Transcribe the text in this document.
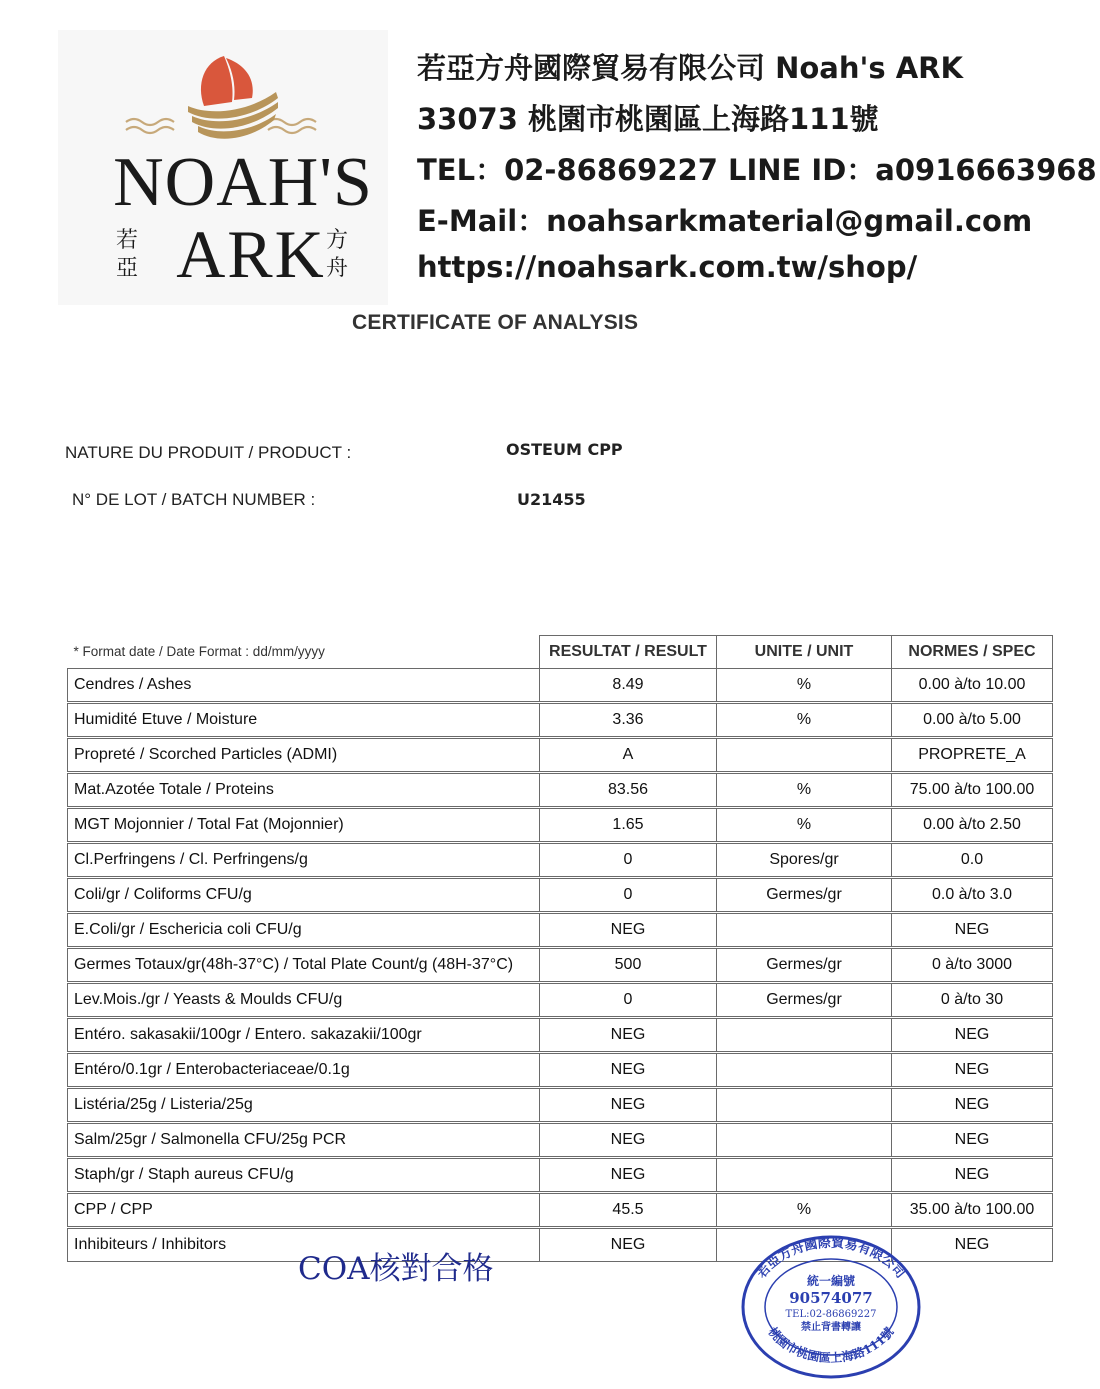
NOAH'S
ARK
若
亞
方
舟
若亞方舟國際貿易有限公司 Noah's ARK
33073 桃園市桃園區上海路111號
TEL：02-86869227 LINE ID：a0916663968
E-Mail：noahsarkmaterial@gmail.com
https://noahsark.com.tw/shop/
CERTIFICATE OF ANALYSIS
NATURE DU PRODUIT / PRODUCT :	OSTEUM CPP
N° DE LOT / BATCH NUMBER :	U21455
* Format date / Date Format : dd/mm/yyyy	RESULTAT / RESULT	UNITE / UNIT	NORMES / SPEC
Cendres / Ashes	8.49	%	0.00 à/to 10.00

Humidité Etuve / Moisture	3.36	%	0.00 à/to 5.00

Propreté / Scorched Particles (ADMI)	A		PROPRETE_A

Mat.Azotée Totale / Proteins	83.56	%	75.00 à/to 100.00

MGT Mojonnier / Total Fat (Mojonnier)	1.65	%	0.00 à/to 2.50

Cl.Perfringens / Cl. Perfringens/g	0	Spores/gr	0.0

Coli/gr / Coliforms CFU/g	0	Germes/gr	0.0 à/to 3.0

E.Coli/gr / Eschericia coli CFU/g	NEG		NEG

Germes Totaux/gr(48h-37°C) / Total Plate Count/g (48H-37°C)	500	Germes/gr	0 à/to 3000

Lev.Mois./gr / Yeasts & Moulds CFU/g	0	Germes/gr	0 à/to 30

Entéro. sakasakii/100gr / Entero. sakazakii/100gr	NEG		NEG

Entéro/0.1gr / Enterobacteriaceae/0.1g	NEG		NEG

Listéria/25g / Listeria/25g	NEG		NEG

Salm/25gr / Salmonella CFU/25g PCR	NEG		NEG

Staph/gr / Staph aureus CFU/g	NEG		NEG

CPP / CPP	45.5	%	35.00 à/to 100.00

Inhibiteurs / Inhibitors	NEG		NEG
COA核對合格	若亞方舟國際貿易有限公司
桃園市桃園區上海路111號
統一編號
90574077
TEL:02-86869227
禁止背書轉讓
